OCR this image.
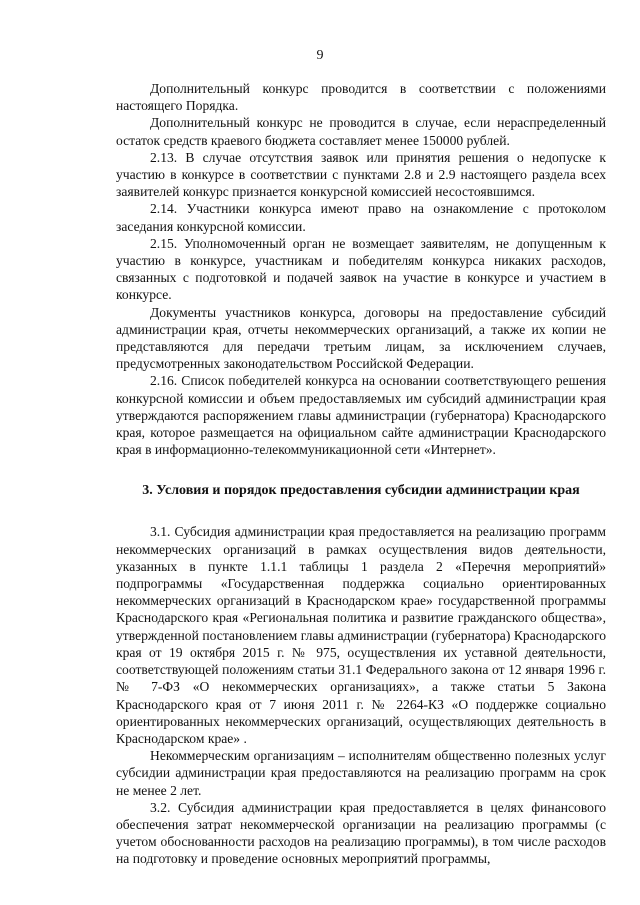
9

Дополнительный конкурс проводится в соответствии с положениями настоящего Порядка.

Дополнительный конкурс не проводится в случае, если нераспределенный остаток средств краевого бюджета составляет менее 150000 рублей.

2.13. В случае отсутствия заявок или принятия решения о недопуске к участию в конкурсе в соответствии с пунктами 2.8 и 2.9 настоящего раздела всех заявителей конкурс признается конкурсной комиссией несостоявшимся.

2.14. Участники конкурса имеют право на ознакомление с протоколом заседания конкурсной комиссии.

2.15. Уполномоченный орган не возмещает заявителям, не допущенным к участию в конкурсе, участникам и победителям конкурса никаких расходов, связанных с подготовкой и подачей заявок на участие в конкурсе и участием в конкурсе.

Документы участников конкурса, договоры на предоставление субсидий администрации края, отчеты некоммерческих организаций, а также их копии не представляются для передачи третьим лицам, за исключением случаев, предусмотренных законодательством Российской Федерации.

2.16. Список победителей конкурса на основании соответствующего решения конкурсной комиссии и объем предоставляемых им субсидий администрации края утверждаются распоряжением главы администрации (губернатора) Краснодарского края, которое размещается на официальном сайте администрации Краснодарского края в информационно-телекоммуникационной сети «Интернет».

3. Условия и порядок предоставления субсидии администрации края

3.1. Субсидия администрации края предоставляется на реализацию программ некоммерческих организаций в рамках осуществления видов деятельности, указанных в пункте 1.1.1 таблицы 1 раздела 2 «Перечня мероприятий» подпрограммы «Государственная поддержка социально ориентированных некоммерческих организаций в Краснодарском крае» государственной программы Краснодарского края «Региональная политика и развитие гражданского общества», утвержденной постановлением главы администрации (губернатора) Краснодарского края от 19 октября 2015 г. № 975, осуществления их уставной деятельности, соответствующей положениям статьи 31.1 Федерального закона от 12 января 1996 г. № 7-ФЗ «О некоммерческих организациях», а также статьи 5 Закона Краснодарского края от 7 июня 2011 г. № 2264-КЗ «О поддержке социально ориентированных некоммерческих организаций, осуществляющих деятельность в Краснодарском крае» .

Некоммерческим организациям – исполнителям общественно полезных услуг субсидии администрации края предоставляются на реализацию программ на срок не менее 2 лет.

3.2. Субсидия администрации края предоставляется в целях финансового обеспечения затрат некоммерческой организации на реализацию программы (с учетом обоснованности расходов на реализацию программы), в том числе расходов на подготовку и проведение основных мероприятий программы,
